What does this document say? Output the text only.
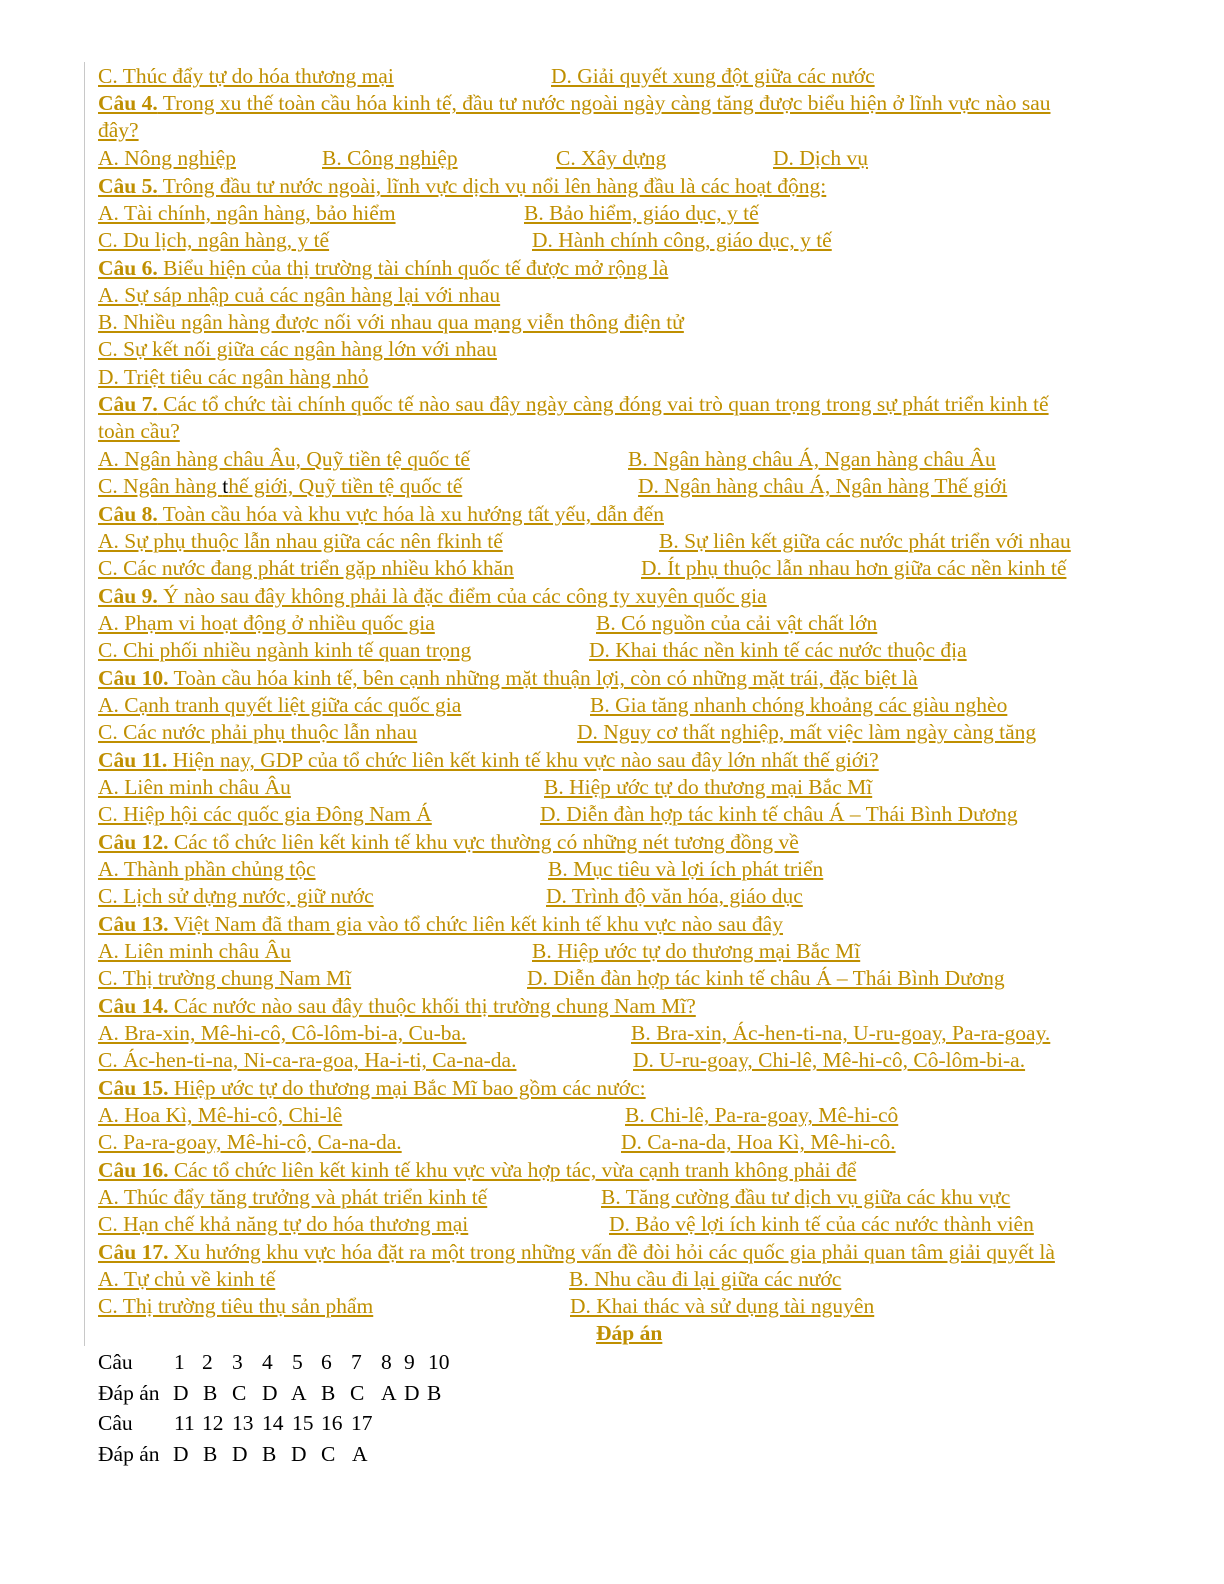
C. Thúc đẩy tự do hóa thương mại	D. Giải quyết xung đột giữa các nước
Câu 4. Trong xu thế toàn cầu hóa kinh tế, đầu tư nước ngoài ngày càng tăng được biểu hiện ở lĩnh vực nào sau
đây?
A. Nông nghiệp	B. Công nghiệp	C. Xây dựng	D. Dịch vụ
Câu 5. Trông đầu tư nước ngoài, lĩnh vực dịch vụ nổi lên hàng đầu là các hoạt động:
A. Tài chính, ngân hàng, bảo hiểm	B. Bảo hiểm, giáo dục, y tế
C. Du lịch, ngân hàng, y tế	D. Hành chính công, giáo dục, y tế
Câu 6. Biểu hiện của thị trường tài chính quốc tế được mở rộng là
A. Sự sáp nhập cuả các ngân hàng lại với nhau
B. Nhiều ngân hàng được nối với nhau qua mạng viễn thông điện tử
C. Sự kết nối giữa các ngân hàng lớn với nhau
D. Triệt tiêu các ngân hàng nhỏ
Câu 7. Các tổ chức tài chính quốc tế nào sau đây ngày càng đóng vai trò quan trọng trong sự phát triển kinh tế
toàn cầu?
A. Ngân hàng châu Âu, Quỹ tiền tệ quốc tế	B. Ngân hàng châu Á, Ngan hàng châu Âu
C. Ngân hàng thế giới, Quỹ tiền tệ quốc tế	D. Ngân hàng châu Á, Ngân hàng Thế giới
Câu 8. Toàn cầu hóa và khu vực hóa là xu hướng tất yếu, dẫn đến
A. Sự phụ thuộc lẫn nhau giữa các nên fkinh tế	B. Sự liên kết giữa các nước phát triển với nhau
C. Các nước đang phát triển gặp nhiều khó khăn	D. Ít phụ thuộc lẫn nhau hơn giữa các nền kinh tế
Câu 9. Ý nào sau đây không phải là đặc điểm của các công ty xuyên quốc gia
A. Phạm vi hoạt động ở nhiều quốc gia	B. Có nguồn của cải vật chất lớn
C. Chi phối nhiều ngành kinh tế quan trọng	D. Khai thác nền kinh tế các nước thuộc địa
Câu 10. Toàn cầu hóa kinh tế, bên cạnh những mặt thuận lợi, còn có những mặt trái, đặc biệt là
A. Cạnh tranh quyết liệt giữa các quốc gia	B. Gia tăng nhanh chóng khoảng các giàu nghèo
C. Các nước phải phụ thuộc lẫn nhau	D. Nguy cơ thất nghiệp, mất việc làm ngày càng tăng
Câu 11. Hiện nay, GDP của tổ chức liên kết kinh tế khu vực nào sau đây lớn nhất thế giới?
A. Liên minh châu Âu	B. Hiệp ước tự do thương mại Bắc Mĩ
C. Hiệp hội các quốc gia Đông Nam Á	D. Diễn đàn hợp tác kinh tế châu Á – Thái Bình Dương
Câu 12. Các tổ chức liên kết kinh tế khu vực thường có những nét tương đồng về
A. Thành phần chủng tộc	B. Mục tiêu và lợi ích phát triển
C. Lịch sử dựng nước, giữ nước	D. Trình độ văn hóa, giáo dục
Câu 13. Việt Nam đã tham gia vào tổ chức liên kết kinh tế khu vực nào sau đây
A. Liên minh châu Âu	B. Hiệp ước tự do thương mại Bắc Mĩ
C. Thị trường chung Nam Mĩ	D. Diễn đàn hợp tác kinh tế châu Á – Thái Bình Dương
Câu 14. Các nước nào sau đây thuộc khối thị trường chung Nam Mĩ?
A. Bra-xin, Mê-hi-cô, Cô-lôm-bi-a, Cu-ba.	B. Bra-xin, Ác-hen-ti-na, U-ru-goay, Pa-ra-goay.
C. Ác-hen-ti-na, Ni-ca-ra-goa, Ha-i-ti, Ca-na-da.	D. U-ru-goay, Chi-lê, Mê-hi-cô, Cô-lôm-bi-a.
Câu 15. Hiệp ước tự do thương mại Bắc Mĩ bao gồm các nước:
A. Hoa Kì, Mê-hi-cô, Chi-lê	B. Chi-lê, Pa-ra-goay, Mê-hi-cô
C. Pa-ra-goay, Mê-hi-cô, Ca-na-da.	D. Ca-na-da, Hoa Kì, Mê-hi-cô.
Câu 16. Các tổ chức liên kết kinh tế khu vực vừa hợp tác, vừa cạnh tranh không phải để
A. Thúc đẩy tăng trưởng và phát triển kinh tế	B. Tăng cường đầu tư dịch vụ giữa các khu vực
C. Hạn chế khả năng tự do hóa thương mại	D. Bảo vệ lợi ích kinh tế của các nước thành viên
Câu 17. Xu hướng khu vực hóa đặt ra một trong những vấn đề đòi hỏi các quốc gia phải quan tâm giải quyết là
A. Tự chủ về kinh tế	B. Nhu cầu đi lại giữa các nước
C. Thị trường tiêu thụ sản phẩm	D. Khai thác và sử dụng tài nguyên
Đáp án
Câu 1 2 3 4 5 6 7 8 9 10
Đáp án D B C D A B C A D B
Câu 11 12 13 14 15 16 17
Đáp án D B D B D C A
